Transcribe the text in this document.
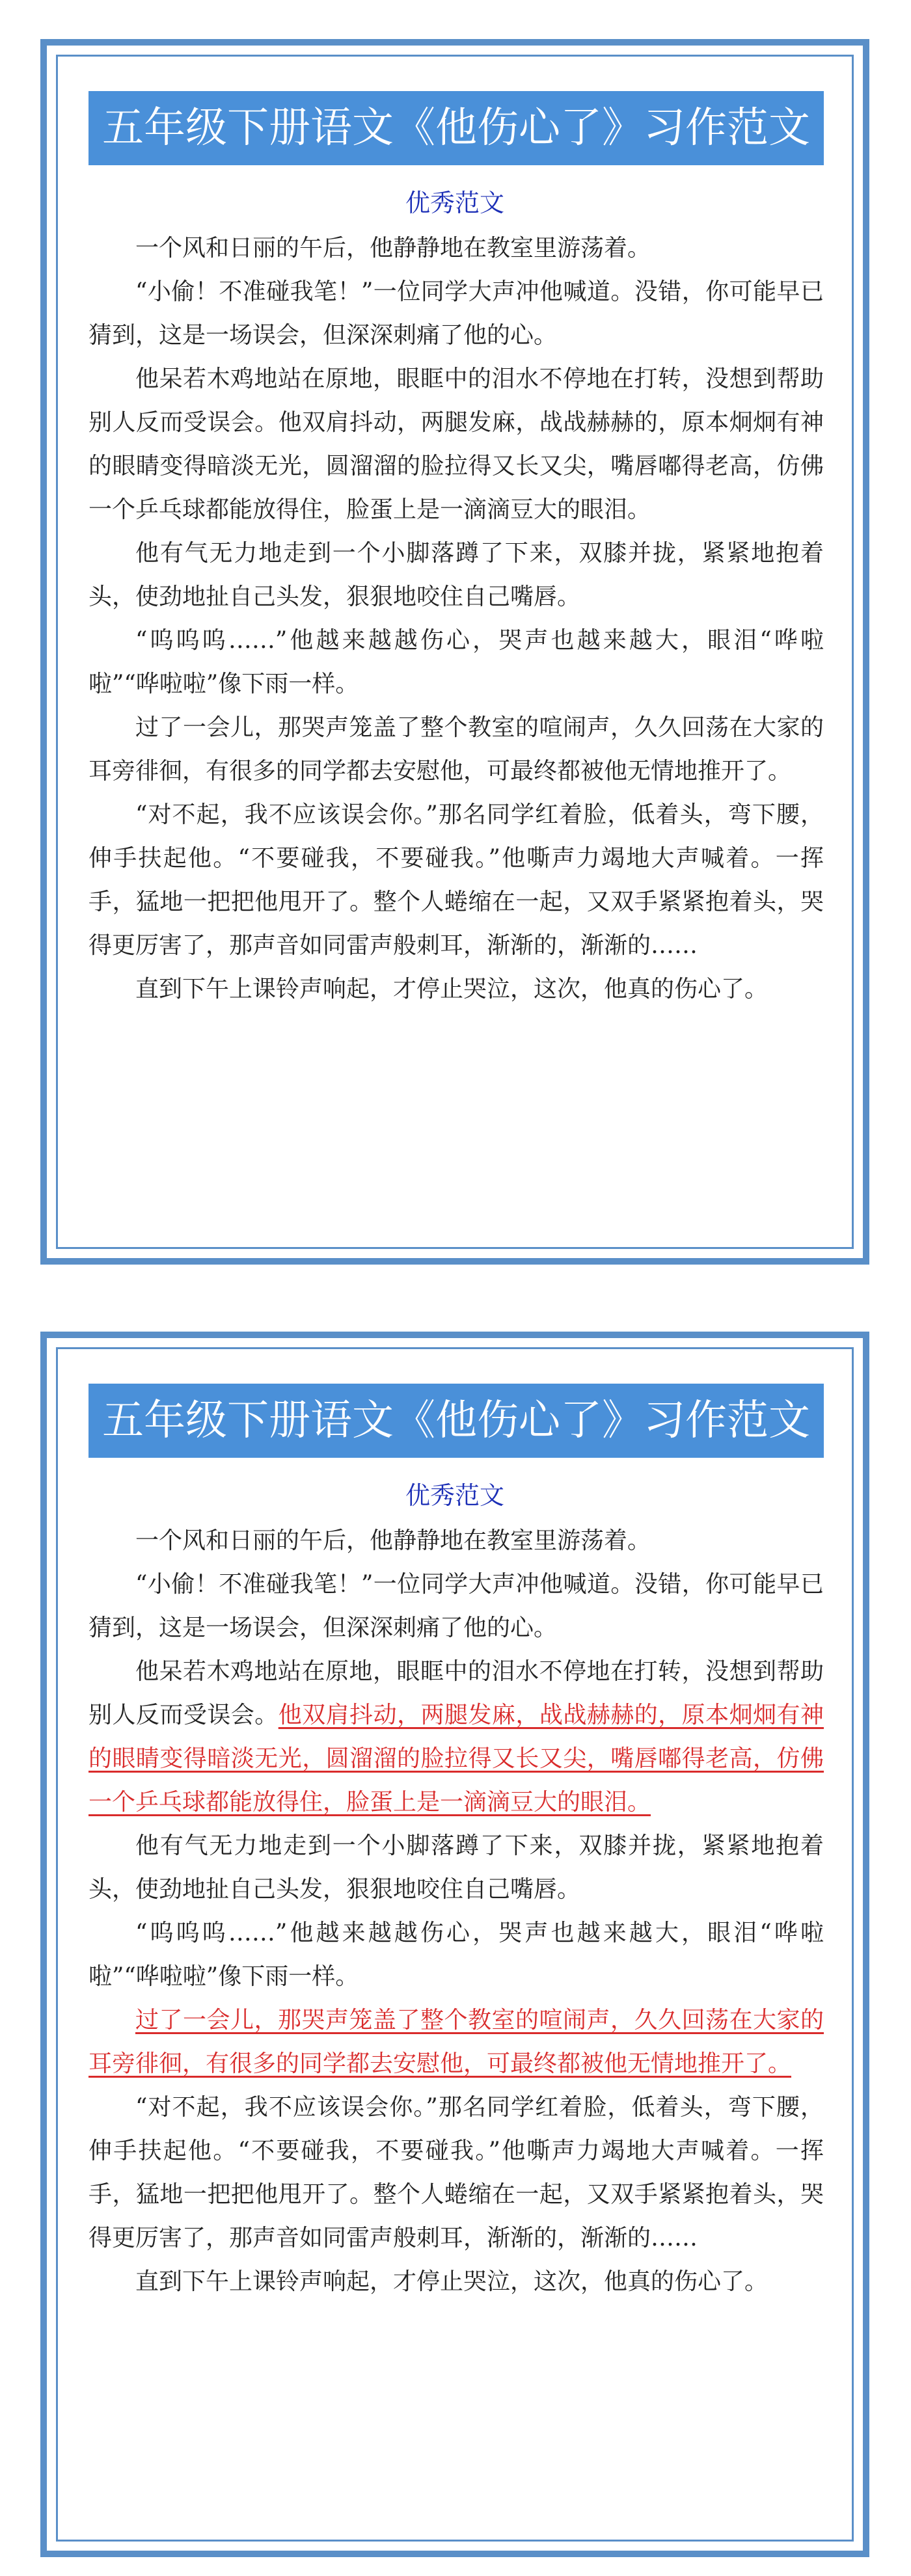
五年级下册语文《他伤心了》习作范文
优秀范文

一个风和日丽的午后，他静静地在教室里游荡着。

“小偷！不准碰我笔！”一位同学大声冲他喊道。没错，你可能早已猜到，这是一场误会，但深深刺痛了他的心。

他呆若木鸡地站在原地，眼眶中的泪水不停地在打转，没想到帮助别人反而受误会。他双肩抖动，两腿发麻，战战赫赫的，原本炯炯有神的眼睛变得暗淡无光，圆溜溜的脸拉得又长又尖，嘴唇嘟得老高，仿佛一个乒乓球都能放得住，脸蛋上是一滴滴豆大的眼泪。

他有气无力地走到一个小脚落蹲了下来，双膝并拢，紧紧地抱着头，使劲地扯自己头发，狠狠地咬住自己嘴唇。

“呜呜呜……”他越来越越伤心，哭声也越来越大，眼泪“哗啦啦”“哗啦啦”像下雨一样。

过了一会儿，那哭声笼盖了整个教室的喧闹声，久久回荡在大家的耳旁徘徊，有很多的同学都去安慰他，可最终都被他无情地推开了。

“对不起，我不应该误会你。”那名同学红着脸，低着头，弯下腰，伸手扶起他。“不要碰我，不要碰我。”他嘶声力竭地大声喊着。一挥手，猛地一把把他甩开了。整个人蜷缩在一起，又双手紧紧抱着头，哭得更厉害了，那声音如同雷声般刺耳，渐渐的，渐渐的……

直到下午上课铃声响起，才停止哭泣，这次，他真的伤心了。

五年级下册语文《他伤心了》习作范文
优秀范文

一个风和日丽的午后，他静静地在教室里游荡着。

“小偷！不准碰我笔！”一位同学大声冲他喊道。没错，你可能早已猜到，这是一场误会，但深深刺痛了他的心。

他呆若木鸡地站在原地，眼眶中的泪水不停地在打转，没想到帮助别人反而受误会。他双肩抖动，两腿发麻，战战赫赫的，原本炯炯有神的眼睛变得暗淡无光，圆溜溜的脸拉得又长又尖，嘴唇嘟得老高，仿佛一个乒乓球都能放得住，脸蛋上是一滴滴豆大的眼泪。

他有气无力地走到一个小脚落蹲了下来，双膝并拢，紧紧地抱着头，使劲地扯自己头发，狠狠地咬住自己嘴唇。

“呜呜呜……”他越来越越伤心，哭声也越来越大，眼泪“哗啦啦”“哗啦啦”像下雨一样。

过了一会儿，那哭声笼盖了整个教室的喧闹声，久久回荡在大家的耳旁徘徊，有很多的同学都去安慰他，可最终都被他无情地推开了。

“对不起，我不应该误会你。”那名同学红着脸，低着头，弯下腰，伸手扶起他。“不要碰我，不要碰我。”他嘶声力竭地大声喊着。一挥手，猛地一把把他甩开了。整个人蜷缩在一起，又双手紧紧抱着头，哭得更厉害了，那声音如同雷声般刺耳，渐渐的，渐渐的……

直到下午上课铃声响起，才停止哭泣，这次，他真的伤心了。
